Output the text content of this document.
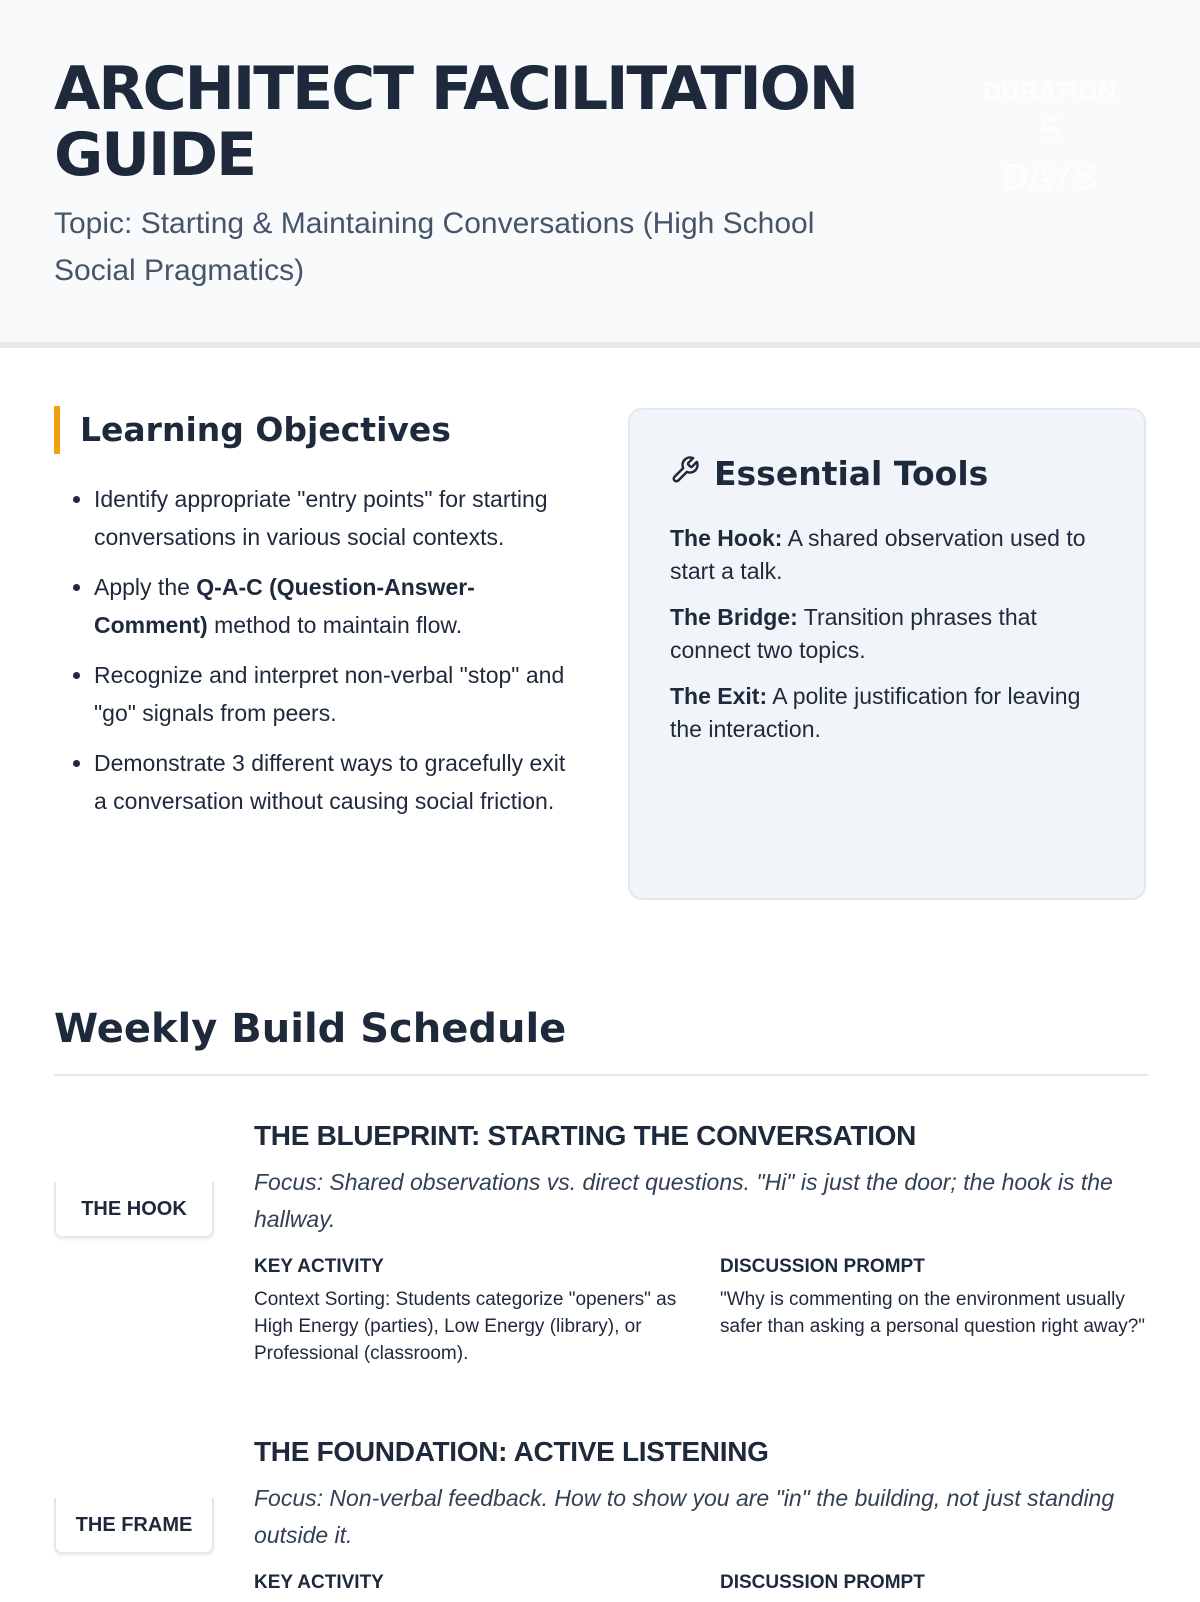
ARCHITECT FACILITATION GUIDE

Topic: Starting & Maintaining Conversations (High School Social Pragmatics)

DURATION
5
DAYS
Learning Objectives
• Identify appropriate "entry points" for starting conversations in various social contexts.
• Apply the Q-A-C (Question-Answer-Comment) method to maintain flow.
• Recognize and interpret non-verbal "stop" and "go" signals from peers.
• Demonstrate 3 different ways to gracefully exit a conversation without causing social friction.
Essential Tools
The Hook: A shared observation used to start a talk.
The Bridge: Transition phrases that connect two topics.
The Exit: A polite justification for leaving the interaction.
Weekly Build Schedule
THE HOOK
THE BLUEPRINT: STARTING THE CONVERSATION

Focus: Shared observations vs. direct questions. "Hi" is just the door; the hook is the hallway.

KEY ACTIVITY
Context Sorting: Students categorize "openers" as High Energy (parties), Low Energy (library), or Professional (classroom).
DISCUSSION PROMPT
"Why is commenting on the environment usually safer than asking a personal question right away?"
THE FRAME
THE FOUNDATION: ACTIVE LISTENING

Focus: Non-verbal feedback. How to show you are "in" the building, not just standing outside it.

KEY ACTIVITY	DISCUSSION PROMPT
